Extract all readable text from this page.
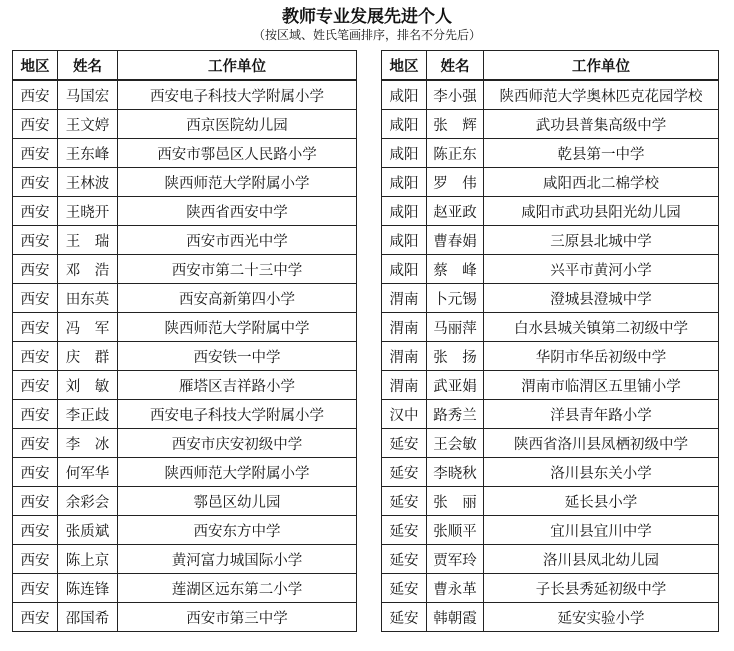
教师专业发展先进个人
（按区域、姓氏笔画排序，排名不分先后）
地区	姓名	工作单位
西安	马国宏	西安电子科技大学附属小学
西安	王文婷	西京医院幼儿园
西安	王东峰	西安市鄠邑区人民路小学
西安	王林波	陕西师范大学附属小学
西安	王晓开	陕西省西安中学
西安	王　瑞	西安市西光中学
西安	邓　浩	西安市第二十三中学
西安	田东英	西安高新第四小学
西安	冯　军	陕西师范大学附属中学
西安	庆　群	西安铁一中学
西安	刘　敏	雁塔区吉祥路小学
西安	李正歧	西安电子科技大学附属小学
西安	李　冰	西安市庆安初级中学
西安	何军华	陕西师范大学附属小学
西安	余彩会	鄠邑区幼儿园
西安	张质斌	西安东方中学
西安	陈上京	黄河富力城国际小学
西安	陈连锋	莲湖区远东第二小学
西安	邵国希	西安市第三中学
地区	姓名	工作单位
咸阳	李小强	陕西师范大学奥林匹克花园学校
咸阳	张　辉	武功县普集高级中学
咸阳	陈正东	乾县第一中学
咸阳	罗　伟	咸阳西北二棉学校
咸阳	赵亚政	咸阳市武功县阳光幼儿园
咸阳	曹春娟	三原县北城中学
咸阳	蔡　峰	兴平市黄河小学
渭南	卜元锡	澄城县澄城中学
渭南	马丽萍	白水县城关镇第二初级中学
渭南	张　扬	华阴市华岳初级中学
渭南	武亚娟	渭南市临渭区五里铺小学
汉中	路秀兰	洋县青年路小学
延安	王会敏	陕西省洛川县凤栖初级中学
延安	李晓秋	洛川县东关小学
延安	张　丽	延长县小学
延安	张顺平	宜川县宜川中学
延安	贾军玲	洛川县凤北幼儿园
延安	曹永革	子长县秀延初级中学
延安	韩朝霞	延安实验小学
